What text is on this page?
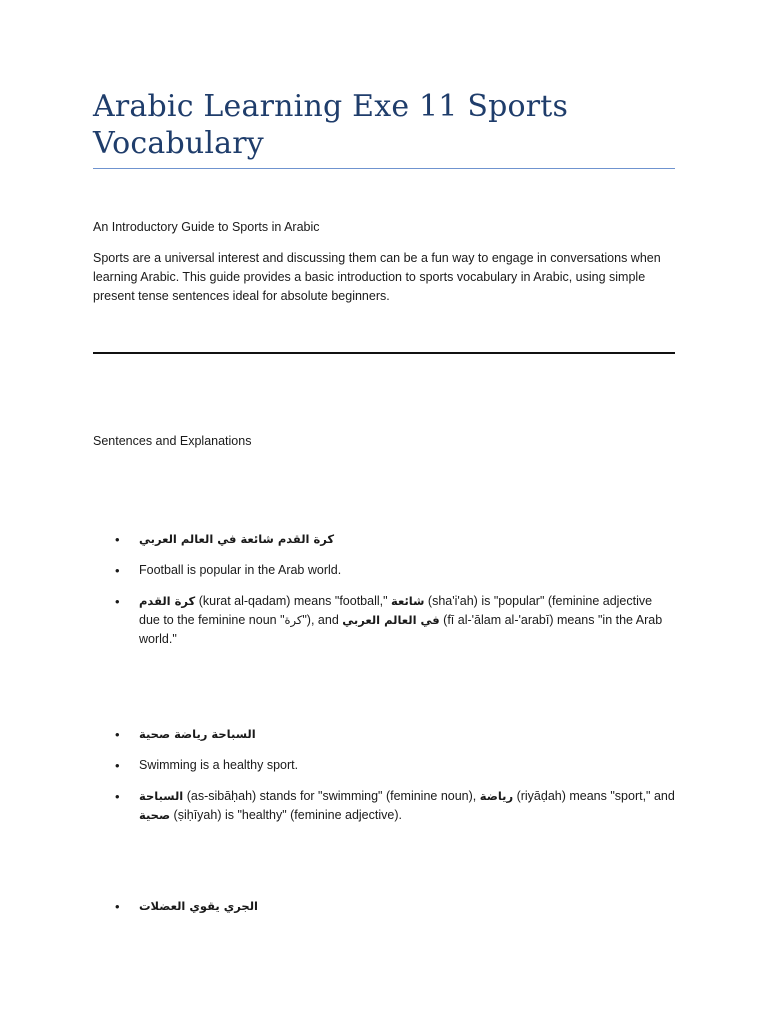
Arabic Learning Exe 11 Sports Vocabulary

An Introductory Guide to Sports in Arabic

Sports are a universal interest and discussing them can be a fun way to engage in conversations when learning Arabic. This guide provides a basic introduction to sports vocabulary in Arabic, using simple present tense sentences ideal for absolute beginners.

Sentences and Explanations

• كرة القدم شائعة في العالم العربي
• Football is popular in the Arab world.
• كرة القدم (kurat al-qadam) means "football," شائعة (sha'i'ah) is "popular" (feminine adjective due to the feminine noun "كرة"), and في العالم العربي (fī al-'ālam al-'arabī) means "in the Arab world."
• السباحة رياضة صحية
• Swimming is a healthy sport.
• السباحة (as-sibāḥah) stands for "swimming" (feminine noun), رياضة (riyāḍah) means "sport," and صحية (ṣiḥīyah) is "healthy" (feminine adjective).
• الجري يقوي العضلات
